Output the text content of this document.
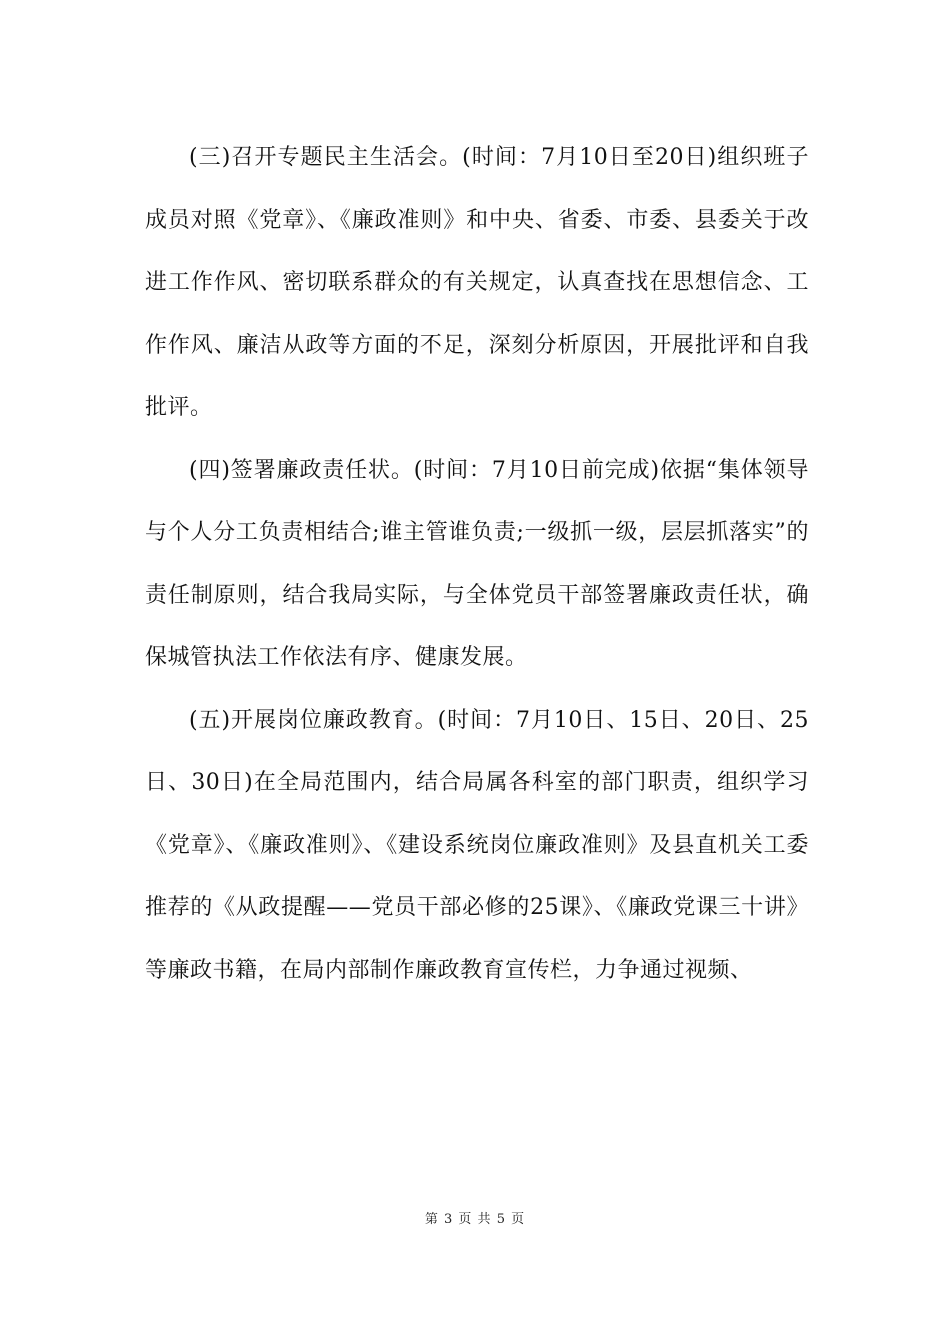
(三)召开专题民主生活会。(时间：7月10日至20日)组织班子成员对照《党章》、《廉政准则》和中央、省委、市委、县委关于改进工作作风、密切联系群众的有关规定，认真查找在思想信念、工作作风、廉洁从政等方面的不足，深刻分析原因，开展批评和自我批评。

(四)签署廉政责任状。(时间：7月10日前完成)依据“集体领导与个人分工负责相结合;谁主管谁负责;一级抓一级，层层抓落实”的责任制原则，结合我局实际，与全体党员干部签署廉政责任状，确保城管执法工作依法有序、健康发展。

(五)开展岗位廉政教育。(时间：7月10日、15日、20日、25日、30日)在全局范围内，结合局属各科室的部门职责，组织学习《党章》、《廉政准则》、《建设系统岗位廉政准则》及县直机关工委推荐的《从政提醒——党员干部必修的25课》、《廉政党课三十讲》等廉政书籍，在局内部制作廉政教育宣传栏，力争通过视频、

第 3 页 共 5 页
